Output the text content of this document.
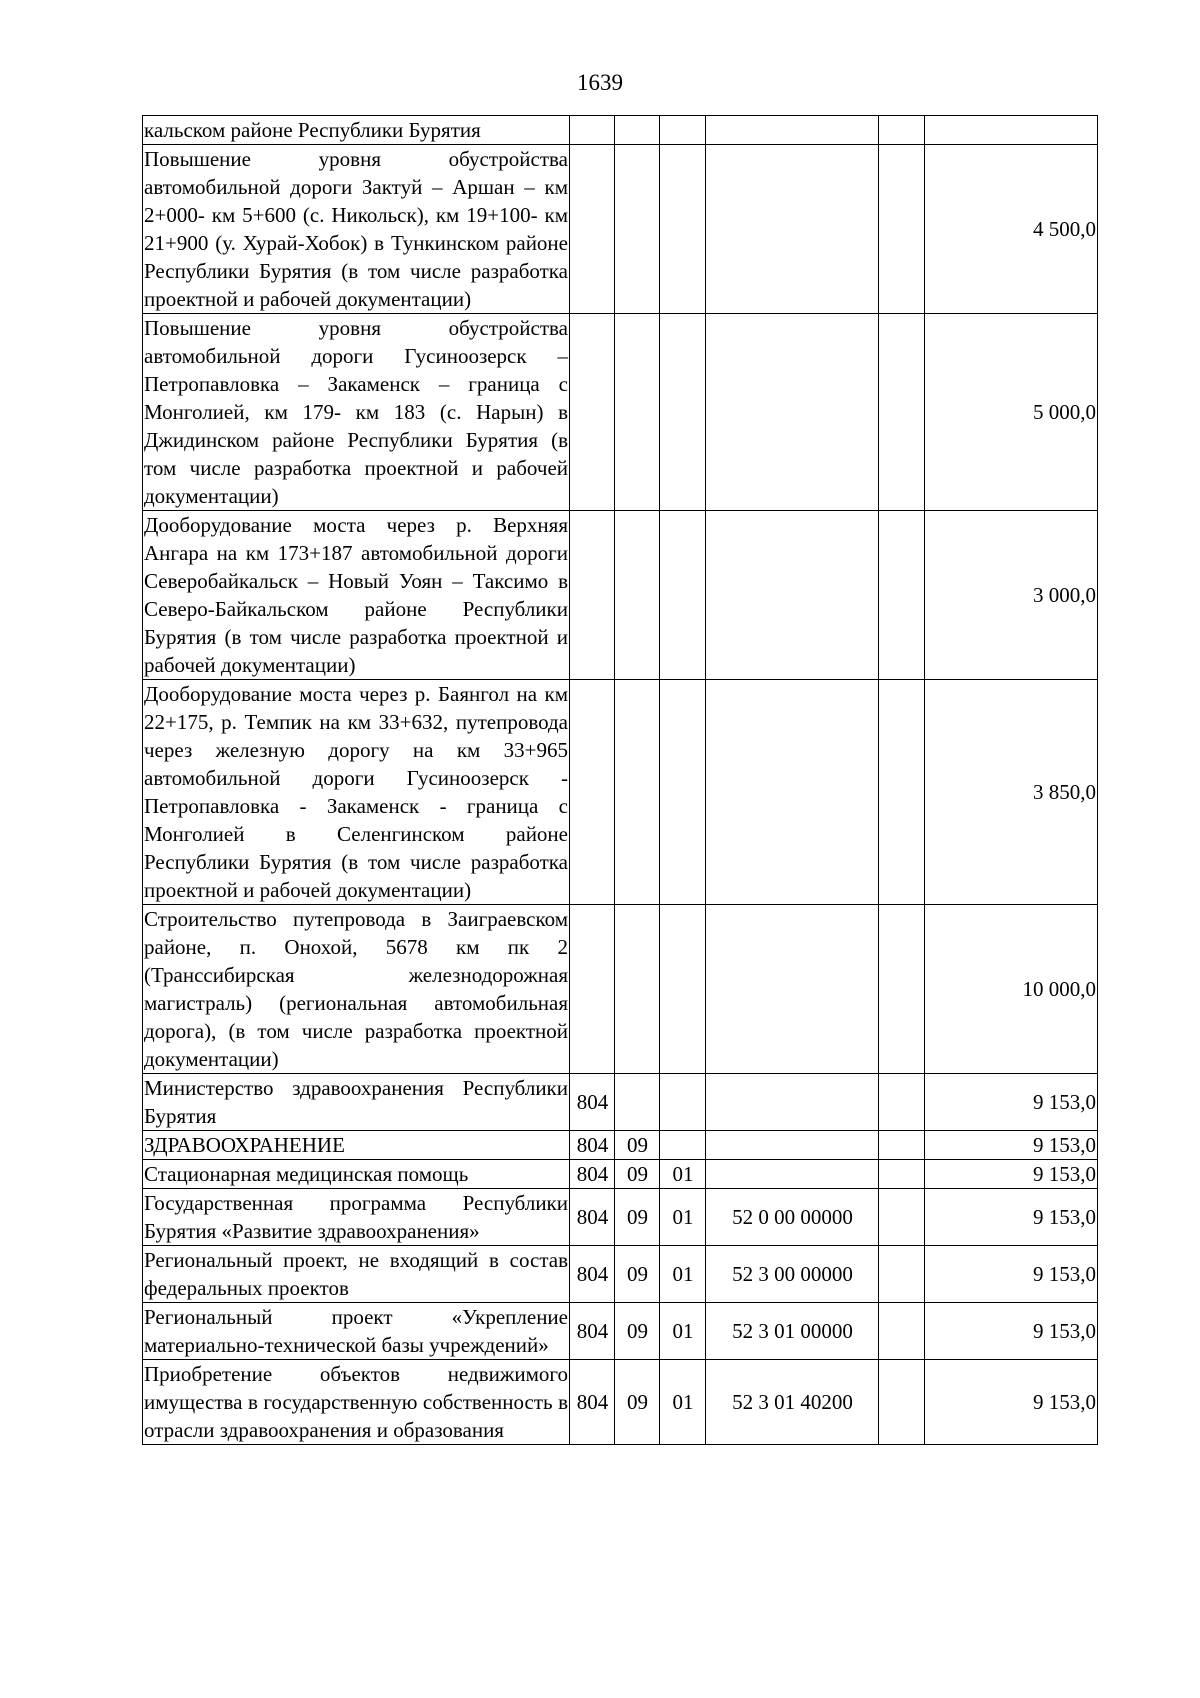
1639
кальском районе Республики Бурятия						
Повышение уровня обустройства автомобильной дороги Зактуй – Аршан – км 2+000- км 5+600 (с. Никольск), км 19+100- км 21+900 (у. Хурай-Хобок) в Тункинском районе Республики Бурятия (в том числе разработка проектной и рабочей документации)						4 500,0
Повышение уровня обустройства автомобильной дороги Гусиноозерск – Петропавловка – Закаменск – граница с Монголией, км 179- км 183 (с. Нарын) в Джидинском районе Республики Бурятия (в том числе разработка проектной и рабочей документации)						5 000,0
Дооборудование моста через р. Верхняя Ангара на км 173+187 автомобильной дороги Северобайкальск – Новый Уоян – Таксимо в Северо-Байкальском районе Республики Бурятия (в том числе разработка проектной и рабочей документации)						3 000,0
Дооборудование моста через р. Баянгол на км 22+175, р. Темпик на км 33+632, путепровода через железную дорогу на км 33+965 автомобильной дороги Гусиноозерск - Петропавловка - Закаменск - граница с Монголией в Селенгинском районе Республики Бурятия (в том числе разработка проектной и рабочей документации)						3 850,0
Строительство путепровода в Заиграевском районе, п. Онохой, 5678 км пк 2 (Транссибирская железнодорожная магистраль) (региональная автомобильная дорога), (в том числе разработка проектной документации)						10 000,0
Министерство здравоохранения Республики Бурятия	804					9 153,0
ЗДРАВООХРАНЕНИЕ	804	09				9 153,0
Стационарная медицинская помощь	804	09	01			9 153,0
Государственная программа Республики Бурятия «Развитие здравоохранения»	804	09	01	52 0 00 00000		9 153,0
Региональный проект, не входящий в состав федеральных проектов	804	09	01	52 3 00 00000		9 153,0
Региональный проект «Укрепление материально-технической базы учреждений»	804	09	01	52 3 01 00000		9 153,0
Приобретение объектов недвижимого имущества в государственную собственность в отрасли здравоохранения и образования	804	09	01	52 3 01 40200		9 153,0
